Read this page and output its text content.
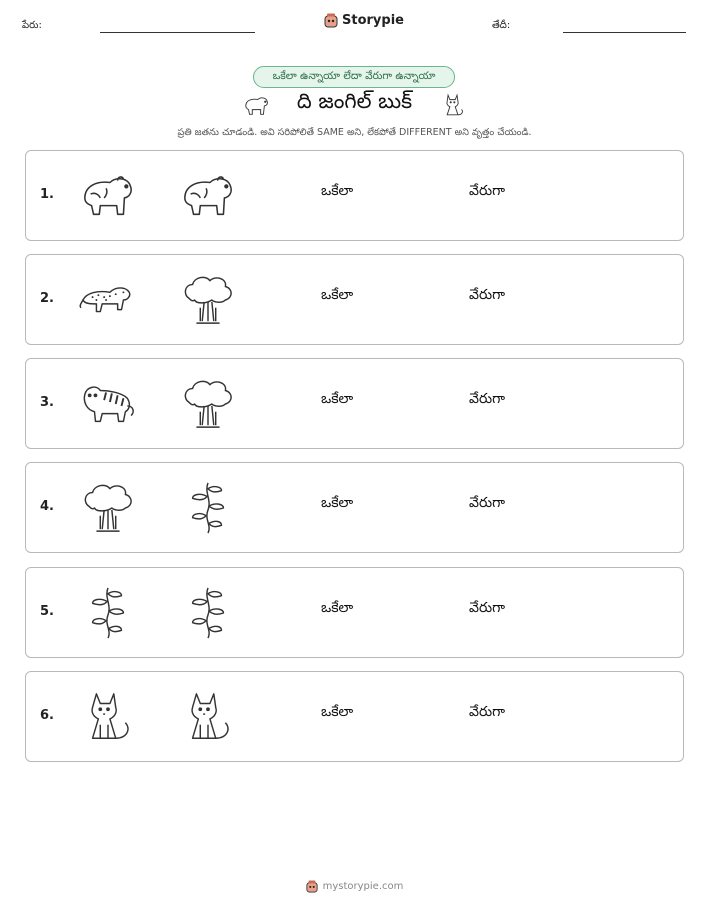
పేరు:	Storypie	తేదీ:
ఒకేలా ఉన్నాయా లేదా వేరుగా ఉన్నాయా
ది జంగిల్ బుక్
ప్రతి జతను చూడండి. అవి సరిపోలితే SAME అని, లేకపోతే DIFFERENT అని వృత్తం చేయండి.
1.	ఒకేలా	వేరుగా
2.	ఒకేలా	వేరుగా
3.	ఒకేలా	వేరుగా
4.	ఒకేలా	వేరుగా
5.	ఒకేలా	వేరుగా
6.	ఒకేలా	వేరుగా
mystorypie.com
